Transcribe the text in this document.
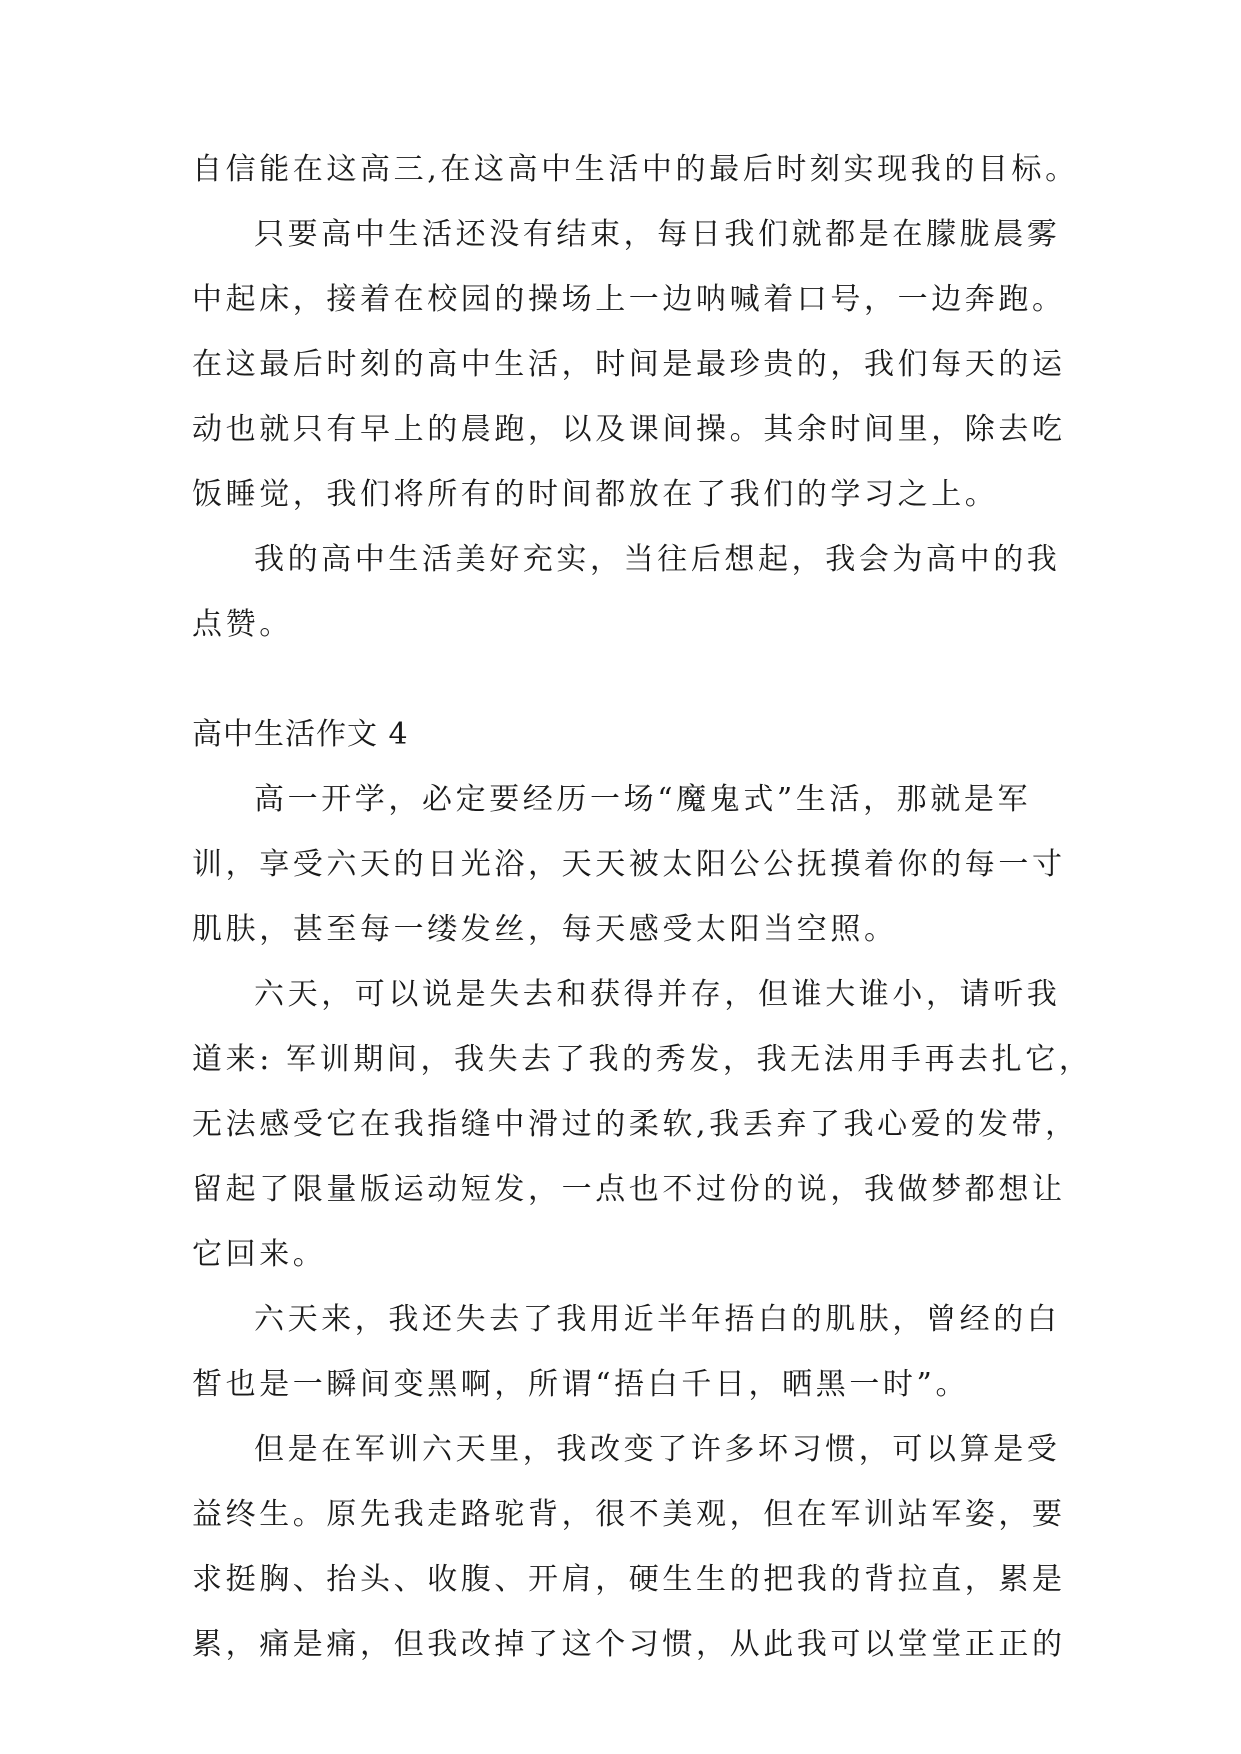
自信能在这高三,在这高中生活中的最后时刻实现我的目标。
只要高中生活还没有结束，每日我们就都是在朦胧晨雾
中起床，接着在校园的操场上一边呐喊着口号，一边奔跑。
在这最后时刻的高中生活，时间是最珍贵的，我们每天的运
动也就只有早上的晨跑，以及课间操。其余时间里，除去吃
饭睡觉，我们将所有的时间都放在了我们的学习之上。
我的高中生活美好充实，当往后想起，我会为高中的我
点赞。
高中生活作文 4
高一开学，必定要经历一场“魔鬼式”生活，那就是军
训，享受六天的日光浴，天天被太阳公公抚摸着你的每一寸
肌肤，甚至每一缕发丝，每天感受太阳当空照。
六天，可以说是失去和获得并存，但谁大谁小，请听我
道来: 军训期间，我失去了我的秀发，我无法用手再去扎它，
无法感受它在我指缝中滑过的柔软,我丢弃了我心爱的发带，
留起了限量版运动短发，一点也不过份的说，我做梦都想让
它回来。
六天来，我还失去了我用近半年捂白的肌肤，曾经的白
皙也是一瞬间变黑啊，所谓“捂白千日，晒黑一时”。
但是在军训六天里，我改变了许多坏习惯，可以算是受
益终生。原先我走路驼背，很不美观，但在军训站军姿，要
求挺胸、抬头、收腹、开肩，硬生生的把我的背拉直，累是
累，痛是痛，但我改掉了这个习惯，从此我可以堂堂正正的
